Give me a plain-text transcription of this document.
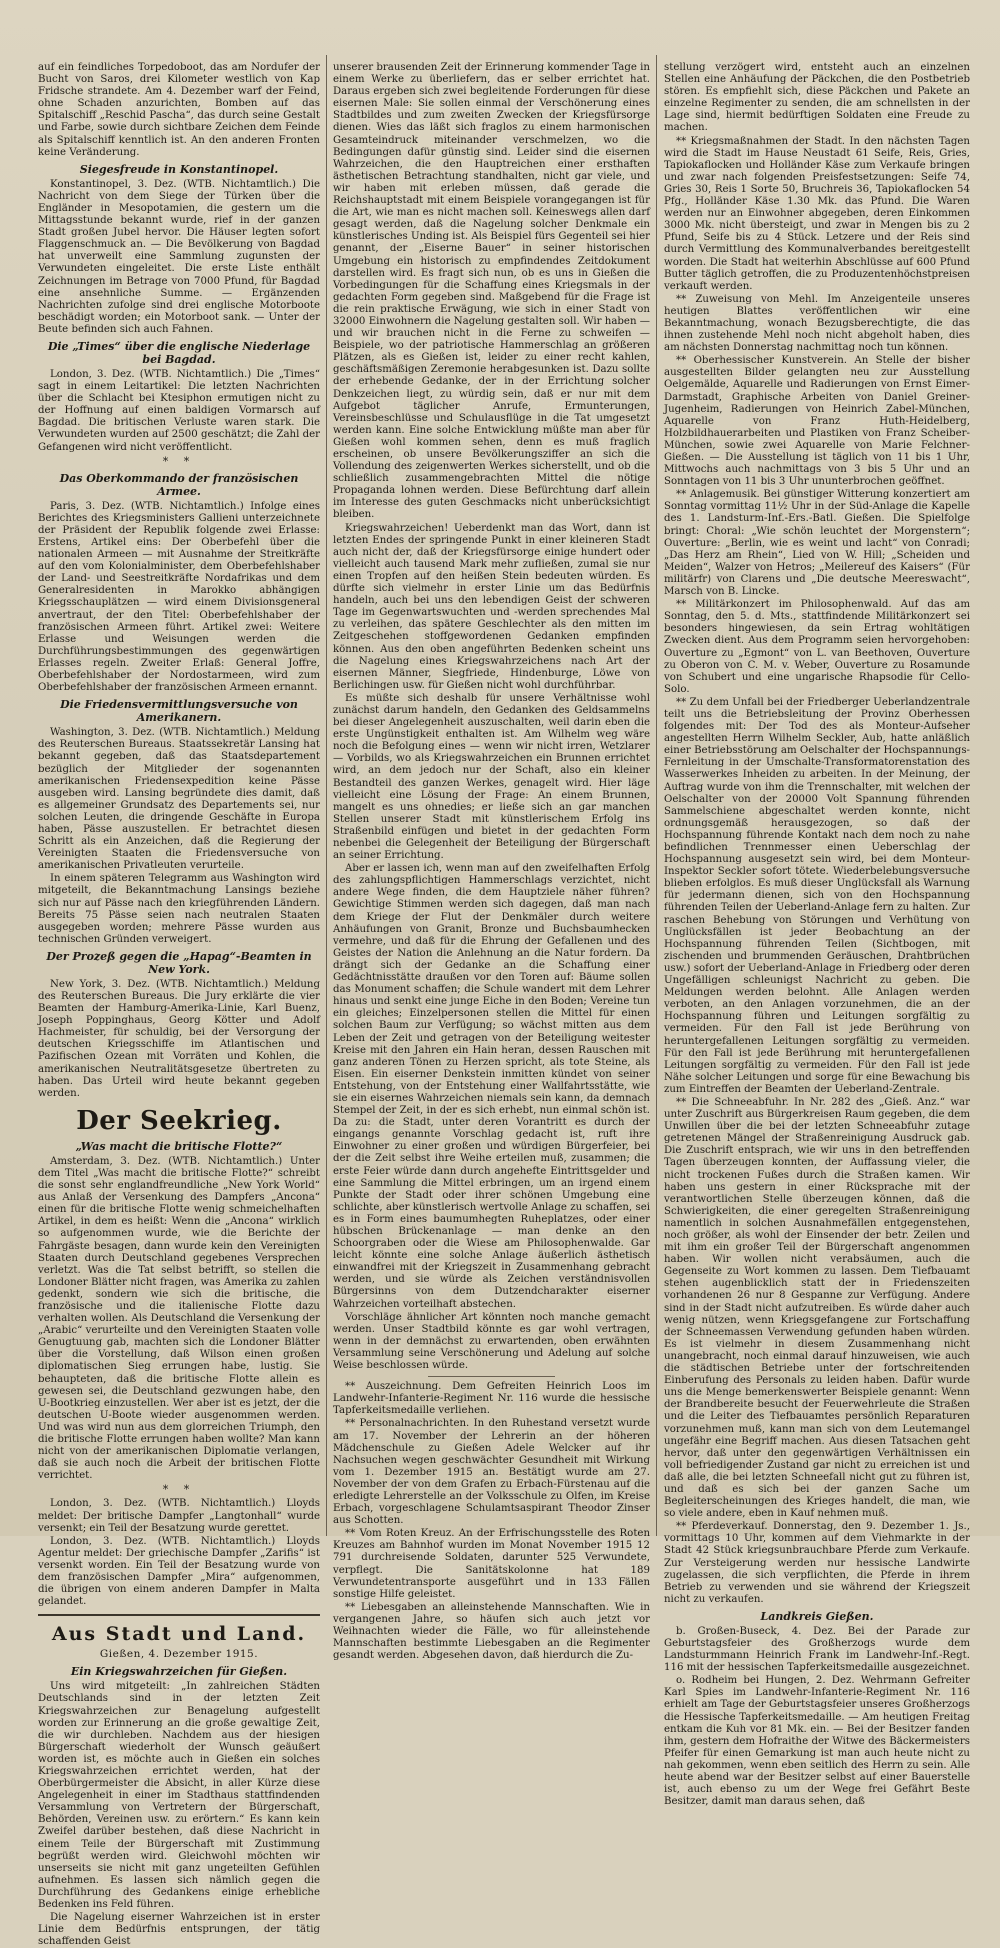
auf ein feindliches Torpedoboot, das am Nordufer der Bucht von Saros, drei Kilometer westlich von Kap Fridsche strandete. Am 4. Dezember warf der Feind, ohne Schaden anzurichten, Bomben auf das Spitalschiff „Reschid Pascha“, das durch seine Gestalt und Farbe, sowie durch sichtbare Zeichen dem Feinde als Spitalschiff kenntlich ist. An den anderen Fronten keine Veränderung.

Siegesfreude in Konstantinopel.

Konstantinopel, 3. Dez. (WTB. Nichtamtlich.) Die Nachricht von dem Siege der Türken über die Engländer in Mesopotamien, die gestern um die Mittagsstunde bekannt wurde, rief in der ganzen Stadt großen Jubel hervor. Die Häuser legten sofort Flaggenschmuck an. — Die Bevölkerung von Bagdad hat unverweilt eine Sammlung zugunsten der Verwundeten eingeleitet. Die erste Liste enthält Zeichnungen im Betrage von 7000 Pfund, für Bagdad eine ansehnliche Summe. — Ergänzenden Nachrichten zufolge sind drei englische Motorboote beschädigt worden; ein Motorboot sank. — Unter der Beute befinden sich auch Fahnen.

Die „Times“ über die englische Niederlage bei Bagdad.

London, 3. Dez. (WTB. Nichtamtlich.) Die „Times“ sagt in einem Leitartikel: Die letzten Nachrichten über die Schlacht bei Ktesiphon ermutigen nicht zu der Hoffnung auf einen baldigen Vormarsch auf Bagdad. Die britischen Verluste waren stark. Die Verwundeten wurden auf 2500 geschätzt; die Zahl der Gefangenen wird nicht veröffentlicht.

* *
Das Oberkommando der französischen Armee.

Paris, 3. Dez. (WTB. Nichtamtlich.) Infolge eines Berichtes des Kriegsministers Gallieni unterzeichnete der Präsident der Republik folgende zwei Erlasse: Erstens, Artikel eins: Der Oberbefehl über die nationalen Armeen — mit Ausnahme der Streitkräfte auf den vom Kolonialminister, dem Oberbefehlshaber der Land- und Seestreitkräfte Nordafrikas und dem Generalresidenten in Marokko abhängigen Kriegsschauplätzen — wird einem Divisionsgeneral anvertraut, der den Titel: Oberbefehlshaber der französischen Armeen führt. Artikel zwei: Weitere Erlasse und Weisungen werden die Durchführungsbestimmungen des gegenwärtigen Erlasses regeln. Zweiter Erlaß: General Joffre, Oberbefehlshaber der Nordostarmeen, wird zum Oberbefehlshaber der französischen Armeen ernannt.

Die Friedensvermittlungsversuche von Amerikanern.

Washington, 3. Dez. (WTB. Nichtamtlich.) Meldung des Reuterschen Bureaus. Staatssekretär Lansing hat bekannt gegeben, daß das Staatsdepartement bezüglich der Mitglieder der sogenannten amerikanischen Friedensexpedition keine Pässe ausgeben wird. Lansing begründete dies damit, daß es allgemeiner Grundsatz des Departements sei, nur solchen Leuten, die dringende Geschäfte in Europa haben, Pässe auszustellen. Er betrachtet diesen Schritt als ein Anzeichen, daß die Regierung der Vereinigten Staaten die Friedensversuche von amerikanischen Privatleuten verurteile.

In einem späteren Telegramm aus Washington wird mitgeteilt, die Bekanntmachung Lansings beziehe sich nur auf Pässe nach den kriegführenden Ländern. Bereits 75 Pässe seien nach neutralen Staaten ausgegeben worden; mehrere Pässe wurden aus technischen Gründen verweigert.

Der Prozeß gegen die „Hapag“-Beamten in New York.

New York, 3. Dez. (WTB. Nichtamtlich.) Meldung des Reuterschen Bureaus. Die Jury erklärte die vier Beamten der Hamburg-Amerika-Linie, Karl Buenz, Joseph Poppinghaus, Georg Kötter und Adolf Hachmeister, für schuldig, bei der Versorgung der deutschen Kriegsschiffe im Atlantischen und Pazifischen Ozean mit Vorräten und Kohlen, die amerikanischen Neutralitätsgesetze übertreten zu haben. Das Urteil wird heute bekannt gegeben werden.

Der Seekrieg.
„Was macht die britische Flotte?“

Amsterdam, 3. Dez. (WTB. Nichtamtlich.) Unter dem Titel „Was macht die britische Flotte?“ schreibt die sonst sehr englandfreundliche „New York World“ aus Anlaß der Versenkung des Dampfers „Ancona“ einen für die britische Flotte wenig schmeichelhaften Artikel, in dem es heißt: Wenn die „Ancona“ wirklich so aufgenommen wurde, wie die Berichte der Fahrgäste besagen, dann wurde kein den Vereinigten Staaten durch Deutschland gegebenes Versprechen verletzt. Was die Tat selbst betrifft, so stellen die Londoner Blätter nicht fragen, was Amerika zu zahlen gedenkt, sondern wie sich die britische, die französische und die italienische Flotte dazu verhalten wollen. Als Deutschland die Versenkung der „Arabic“ verurteilte und den Vereinigten Staaten volle Genugtuung gab, machten sich die Londoner Blätter über die Vorstellung, daß Wilson einen großen diplomatischen Sieg errungen habe, lustig. Sie behaupteten, daß die britische Flotte allein es gewesen sei, die Deutschland gezwungen habe, den U-Bootkrieg einzustellen. Wer aber ist es jetzt, der die deutschen U-Boote wieder ausgenommen werden. Und was wird nun aus dem glorreichen Triumph, den die britische Flotte errungen haben wollte? Man kann nicht von der amerikanischen Diplomatie verlangen, daß sie auch noch die Arbeit der britischen Flotte verrichtet.

* *

London, 3. Dez. (WTB. Nichtamtlich.) Lloyds meldet: Der britische Dampfer „Langtonhall“ wurde versenkt; ein Teil der Besatzung wurde gerettet.

London, 3. Dez. (WTB. Nichtamtlich.) Lloyds Agentur meldet: Der griechische Dampfer „Zarifis“ ist versenkt worden. Ein Teil der Besatzung wurde von dem französischen Dampfer „Mira“ aufgenommen, die übrigen von einem anderen Dampfer in Malta gelandet.

Aus Stadt und Land.
Gießen, 4. Dezember 1915.
Ein Kriegswahrzeichen für Gießen.

Uns wird mitgeteilt: „In zahlreichen Städten Deutschlands sind in der letzten Zeit Kriegswahrzeichen zur Benagelung aufgestellt worden zur Erinnerung an die große gewaltige Zeit, die wir durchleben. Nachdem aus der hiesigen Bürgerschaft wiederholt der Wunsch geäußert worden ist, es möchte auch in Gießen ein solches Kriegswahrzeichen errichtet werden, hat der Oberbürgermeister die Absicht, in aller Kürze diese Angelegenheit in einer im Stadthaus stattfindenden Versammlung von Vertretern der Bürgerschaft, Behörden, Vereinen usw. zu erörtern.“ Es kann kein Zweifel darüber bestehen, daß diese Nachricht in einem Teile der Bürgerschaft mit Zustimmung begrüßt werden wird. Gleichwohl möchten wir unserseits sie nicht mit ganz ungeteilten Gefühlen aufnehmen. Es lassen sich nämlich gegen die Durchführung des Gedankens einige erhebliche Bedenken ins Feld führen.

Die Nagelung eiserner Wahrzeichen ist in erster Linie dem Bedürfnis entsprungen, der tätig schaffenden Geist

unserer brausenden Zeit der Erinnerung kommender Tage in einem Werke zu überliefern, das er selber errichtet hat. Daraus ergeben sich zwei begleitende Forderungen für diese eisernen Male: Sie sollen einmal der Verschönerung eines Stadtbildes und zum zweiten Zwecken der Kriegsfürsorge dienen. Wies das läßt sich fraglos zu einem harmonischen Gesamteindruck miteinander verschmelzen, wo die Bedingungen dafür günstig sind. Leider sind die eisernen Wahrzeichen, die den Hauptreichen einer ersthaften ästhetischen Betrachtung standhalten, nicht gar viele, und wir haben mit erleben müssen, daß gerade die Reichshauptstadt mit einem Beispiele vorangegangen ist für die Art, wie man es nicht machen soll. Keineswegs allen darf gesagt werden, daß die Nagelung solcher Denkmale ein künstlerisches Unding ist. Als Beispiel fürs Gegenteil sei hier genannt, der „Eiserne Bauer“ in seiner historischen Umgebung ein historisch zu empfindendes Zeitdokument darstellen wird. Es fragt sich nun, ob es uns in Gießen die Vorbedingungen für die Schaffung eines Kriegsmals in der gedachten Form gegeben sind. Maßgebend für die Frage ist die rein praktische Erwägung, wie sich in einer Stadt von 32000 Einwohnern die Nagelung gestalten soll. Wir haben — und wir brauchen nicht in die Ferne zu schweifen — Beispiele, wo der patriotische Hammerschlag an größeren Plätzen, als es Gießen ist, leider zu einer recht kahlen, geschäftsmäßigen Zeremonie herabgesunken ist. Dazu sollte der erhebende Gedanke, der in der Errichtung solcher Denkzeichen liegt, zu würdig sein, daß er nur mit dem Aufgebot täglicher Anrufe, Ermunterungen, Vereinsbeschlüsse und Schulausflüge in die Tat umgesetzt werden kann. Eine solche Entwicklung müßte man aber für Gießen wohl kommen sehen, denn es muß fraglich erscheinen, ob unsere Bevölkerungsziffer an sich die Vollendung des zeigenwerten Werkes sicherstellt, und ob die schließlich zusammengebrachten Mittel die nötige Propaganda lohnen werden. Diese Befürchtung darf allein im Interesse des guten Geschmacks nicht unberücksichtigt bleiben.

Kriegswahrzeichen! Ueberdenkt man das Wort, dann ist letzten Endes der springende Punkt in einer kleineren Stadt auch nicht der, daß der Kriegsfürsorge einige hundert oder vielleicht auch tausend Mark mehr zufließen, zumal sie nur einen Tropfen auf den heißen Stein bedeuten würden. Es dürfte sich vielmehr in erster Linie um das Bedürfnis handeln, auch bei uns den lebendigen Geist der schweren Tage im Gegenwartswuchten und -werden sprechendes Mal zu verleihen, das spätere Geschlechter als den mitten im Zeitgeschehen stoffgewordenen Gedanken empfinden können. Aus den oben angeführten Bedenken scheint uns die Nagelung eines Kriegswahrzeichens nach Art der eisernen Männer, Siegfriede, Hindenburge, Löwe von Berlichingen usw. für Gießen nicht wohl durchführbar.

Es müßte sich deshalb für unsere Verhältnisse wohl zunächst darum handeln, den Gedanken des Geldsammelns bei dieser Angelegenheit auszuschalten, weil darin eben die erste Ungünstigkeit enthalten ist. Am Wilhelm weg wäre noch die Befolgung eines — wenn wir nicht irren, Wetzlarer — Vorbilds, wo als Kriegswahrzeichen ein Brunnen errichtet wird, an dem jedoch nur der Schaft, also ein kleiner Bestandteil des ganzen Werkes, genagelt wird. Hier läge vielleicht eine Lösung der Frage: An einem Brunnen, mangelt es uns ohnedies; er ließe sich an gar manchen Stellen unserer Stadt mit künstlerischem Erfolg ins Straßenbild einfügen und bietet in der gedachten Form nebenbei die Gelegenheit der Beteiligung der Bürgerschaft an seiner Errichtung.

Aber er lassen ich, wenn man auf den zweifelhaften Erfolg des zahlungspflichtigen Hammerschlags verzichtet, nicht andere Wege finden, die dem Hauptziele näher führen? Gewichtige Stimmen werden sich dagegen, daß man nach dem Kriege der Flut der Denkmäler durch weitere Anhäufungen von Granit, Bronze und Buchsbaumhecken vermehre, und daß für die Ehrung der Gefallenen und des Geistes der Nation die Anlehnung an die Natur fordern. Da drängt sich der Gedanke an die Schaffung einer Gedächtnisstätte draußen vor den Toren auf: Bäume sollen das Monument schaffen; die Schule wandert mit dem Lehrer hinaus und senkt eine junge Eiche in den Boden; Vereine tun ein gleiches; Einzelpersonen stellen die Mittel für einen solchen Baum zur Verfügung; so wächst mitten aus dem Leben der Zeit und getragen von der Beteiligung weitester Kreise mit den Jahren ein Hain heran, dessen Rauschen mit ganz anderen Tönen zu Herzen spricht, als tote Steine, als Eisen. Ein eiserner Denkstein inmitten kündet von seiner Entstehung, von der Entstehung einer Wallfahrtsstätte, wie sie ein eisernes Wahrzeichen niemals sein kann, da demnach Stempel der Zeit, in der es sich erhebt, nun einmal schön ist. Da zu: die Stadt, unter deren Vorantritt es durch der eingangs genannte Vorschlag gedacht ist, ruft ihre Einwohner zu einer großen und würdigen Bürgerfeier, bei der die Zeit selbst ihre Weihe erteilen muß, zusammen; die erste Feier würde dann durch angehefte Eintrittsgelder und eine Sammlung die Mittel erbringen, um an irgend einem Punkte der Stadt oder ihrer schönen Umgebung eine schlichte, aber künstlerisch wertvolle Anlage zu schaffen, sei es in Form eines baumumhegten Ruheplatzes, oder einer hübschen Brückenanlage — man denke an den Schoorgraben oder die Wiese am Philosophenwalde. Gar leicht könnte eine solche Anlage äußerlich ästhetisch einwandfrei mit der Kriegszeit in Zusammenhang gebracht werden, und sie würde als Zeichen verständnisvollen Bürgersinns von dem Dutzendcharakter eiserner Wahrzeichen vorteilhaft abstechen.

Vorschläge ähnlicher Art könnten noch manche gemacht werden. Unser Stadtbild könnte es gar wohl vertragen, wenn in der demnächst zu erwartenden, oben erwähnten Versammlung seine Verschönerung und Adelung auf solche Weise beschlossen würde.

** Auszeichnung. Dem Gefreiten Heinrich Loos im Landwehr-Infanterie-Regiment Nr. 116 wurde die hessische Tapferkeitsmedaille verliehen.

** Personalnachrichten. In den Ruhestand versetzt wurde am 17. November der Lehrerin an der höheren Mädchenschule zu Gießen Adele Welcker auf ihr Nachsuchen wegen geschwächter Gesundheit mit Wirkung vom 1. Dezember 1915 an. Bestätigt wurde am 27. November der von dem Grafen zu Erbach-Fürstenau auf die erledigte Lehrerstelle an der Volksschule zu Olfen, im Kreise Erbach, vorgeschlagene Schulamtsaspirant Theodor Zinser aus Schotten.

** Vom Roten Kreuz. An der Erfrischungsstelle des Roten Kreuzes am Bahnhof wurden im Monat November 1915 12 791 durchreisende Soldaten, darunter 525 Verwundete, verpflegt. Die Sanitätskolonne hat 189 Verwundetentransporte ausgeführt und in 133 Fällen sonstige Hilfe geleistet.

** Liebesgaben an alleinstehende Mannschaften. Wie in vergangenen Jahre, so häufen sich auch jetzt vor Weihnachten wieder die Fälle, wo für alleinstehende Mannschaften bestimmte Liebesgaben an die Regimenter gesandt werden. Abgesehen davon, daß hierdurch die Zu-

stellung verzögert wird, entsteht auch an einzelnen Stellen eine Anhäufung der Päckchen, die den Postbetrieb stören. Es empfiehlt sich, diese Päckchen und Pakete an einzelne Regimenter zu senden, die am schnellsten in der Lage sind, hiermit bedürftigen Soldaten eine Freude zu machen.

** Kriegsmaßnahmen der Stadt. In den nächsten Tagen wird die Stadt im Hause Neustadt 61 Seife, Reis, Gries, Tapiokaflocken und Holländer Käse zum Verkaufe bringen und zwar nach folgenden Preisfestsetzungen: Seife 74, Gries 30, Reis 1 Sorte 50, Bruchreis 36, Tapiokaflocken 54 Pfg., Holländer Käse 1.30 Mk. das Pfund. Die Waren werden nur an Einwohner abgegeben, deren Einkommen 3000 Mk. nicht übersteigt, und zwar in Mengen bis zu 2 Pfund, Seife bis zu 4 Stück. Letzere und der Reis sind durch Vermittlung des Kommunalverbandes bereitgestellt worden. Die Stadt hat weiterhin Abschlüsse auf 600 Pfund Butter täglich getroffen, die zu Produzentenhöchstpreisen verkauft werden.

** Zuweisung von Mehl. Im Anzeigenteile unseres heutigen Blattes veröffentlichen wir eine Bekanntmachung, wonach Bezugsberechtigte, die das ihnen zustehende Mehl noch nicht abgeholt haben, dies am nächsten Donnerstag nachmittag noch tun können.

** Oberhessischer Kunstverein. An Stelle der bisher ausgestellten Bilder gelangten neu zur Ausstellung Oelgemälde, Aquarelle und Radierungen von Ernst Eimer-Darmstadt, Graphische Arbeiten von Daniel Greiner-Jugenheim, Radierungen von Heinrich Zabel-München, Aquarelle von Franz Huth-Heidelberg, Holzbildhauerarbeiten und Plastiken von Franz Scheiber-München, sowie zwei Aquarelle von Marie Felchner-Gießen. — Die Ausstellung ist täglich von 11 bis 1 Uhr, Mittwochs auch nachmittags von 3 bis 5 Uhr und an Sonntagen von 11 bis 3 Uhr ununterbrochen geöffnet.

** Anlagemusik. Bei günstiger Witterung konzertiert am Sonntag vormittag 11½ Uhr in der Süd-Anlage die Kapelle des 1. Landsturm-Inf.-Ers.-Batl. Gießen. Die Spielfolge bringt: Choral: „Wie schön leuchtet der Morgenstern“; Ouverture: „Berlin, wie es weint und lacht“ von Conradi; „Das Herz am Rhein“, Lied von W. Hill; „Scheiden und Meiden“, Walzer von Hetros; „Meilereuf des Kaisers“ (Für militärfr) von Clarens und „Die deutsche Meereswacht“, Marsch von B. Lincke.

** Militärkonzert im Philosophenwald. Auf das am Sonntag, den 5. d. Mts., stattfindende Militärkonzert sei besonders hingewiesen, da sein Ertrag wohltätigen Zwecken dient. Aus dem Programm seien hervorgehoben: Ouverture zu „Egmont“ von L. van Beethoven, Ouverture zu Oberon von C. M. v. Weber, Ouverture zu Rosamunde von Schubert und eine ungarische Rhapsodie für Cello-Solo.

** Zu dem Unfall bei der Friedberger Ueberlandzentrale teilt uns die Betriebsleitung der Provinz Oberhessen folgendes mit: Der Tod des als Monteur-Aufseher angestellten Herrn Wilhelm Seckler, Aub, hatte anläßlich einer Betriebsstörung am Oelschalter der Hochspannungs-Fernleitung in der Umschalte-Transformatorenstation des Wasserwerkes Inheiden zu arbeiten. In der Meinung, der Auftrag wurde von ihm die Trennschalter, mit welchen der Oelschalter von der 20000 Volt Spannung führenden Sammelschiene abgeschaltet werden konnte, nicht ordnungsgemäß herausgezogen, so daß der Hochspannung führende Kontakt nach dem noch zu nahe befindlichen Trennmesser einen Ueberschlag der Hochspannung ausgesetzt sein wird, bei dem Monteur-Inspektor Seckler sofort tötete. Wiederbelebungsversuche blieben erfolglos. Es muß dieser Unglücksfall als Warnung für jedermann dienen, sich von den Hochspannung führenden Teilen der Ueberland-Anlage fern zu halten. Zur raschen Behebung von Störungen und Verhütung von Unglücksfällen ist jeder Beobachtung an der Hochspannung führenden Teilen (Sichtbogen, mit zischenden und brummenden Geräuschen, Drahtbrüchen usw.) sofort der Ueberland-Anlage in Friedberg oder deren Ungefälligen schleunigst Nachricht zu geben. Die Meldungen werden belohnt. Alle Anlagen werden verboten, an den Anlagen vorzunehmen, die an der Hochspannung führen und Leitungen sorgfältig zu vermeiden. Für den Fall ist jede Berührung von heruntergefallenen Leitungen sorgfältig zu vermeiden. Für den Fall ist jede Berührung mit heruntergefallenen Leitungen sorgfältig zu vermeiden. Für den Fall ist jede Nähe solcher Leitungen und sorge für eine Bewachung bis zum Eintreffen der Beamten der Ueberland-Zentrale.

** Die Schneeabfuhr. In Nr. 282 des „Gieß. Anz.“ war unter Zuschrift aus Bürgerkreisen Raum gegeben, die dem Unwillen über die bei der letzten Schneeabfuhr zutage getretenen Mängel der Straßenreinigung Ausdruck gab. Die Zuschrift entsprach, wie wir uns in den betreffenden Tagen überzeugen konnten, der Auffassung vieler, die nicht trockenen Fußes durch die Straßen kamen. Wir haben uns gestern in einer Rücksprache mit der verantwortlichen Stelle überzeugen können, daß die Schwierigkeiten, die einer geregelten Straßenreinigung namentlich in solchen Ausnahmefällen entgegenstehen, noch größer, als wohl der Einsender der betr. Zeilen und mit ihm ein großer Teil der Bürgerschaft angenommen haben. Wir wollen nicht verabsäumen, auch die Gegenseite zu Wort kommen zu lassen. Dem Tiefbauamt stehen augenblicklich statt der in Friedenszeiten vorhandenen 26 nur 8 Gespanne zur Verfügung. Andere sind in der Stadt nicht aufzutreiben. Es würde daher auch wenig nützen, wenn Kriegsgefangene zur Fortschaffung der Schneemassen Verwendung gefunden haben würden. Es ist vielmehr in diesem Zusammenhang nicht unangebracht, noch einmal darauf hinzuweisen, wie auch die städtischen Betriebe unter der fortschreitenden Einberufung des Personals zu leiden haben. Dafür wurde uns die Menge bemerkenswerter Beispiele genannt: Wenn der Brandbereite besucht der Feuerwehrleute die Straßen und die Leiter des Tiefbauamtes persönlich Reparaturen vorzunehmen muß, kann man sich von dem Leutemangel ungefähr eine Begriff machen. Aus diesen Tatsachen geht hervor, daß unter den gegenwärtigen Verhältnissen ein voll befriedigender Zustand gar nicht zu erreichen ist und daß alle, die bei letzten Schneefall nicht gut zu führen ist, und daß es sich bei der ganzen Sache um Begleiterscheinungen des Krieges handelt, die man, wie so viele andere, eben in Kauf nehmen muß.

** Pferdeverkauf. Donnerstag, den 9. Dezember 1. Js., vormittags 10 Uhr, kommen auf dem Viehmarkte in der Stadt 42 Stück kriegsunbrauchbare Pferde zum Verkaufe. Zur Versteigerung werden nur hessische Landwirte zugelassen, die sich verpflichten, die Pferde in ihrem Betrieb zu verwenden und sie während der Kriegszeit nicht zu verkaufen.

Landkreis Gießen.

b. Großen-Buseck, 4. Dez. Bei der Parade zur Geburtstagsfeier des Großherzogs wurde dem Landsturmmann Heinrich Frank im Landwehr-Inf.-Regt. 116 mit der hessischen Tapferkeitsmedaille ausgezeichnet.

o. Rodheim bei Hungen, 2. Dez. Wehrmann Gefreiter Karl Spies im Landwehr-Infanterie-Regiment Nr. 116 erhielt am Tage der Geburtstagsfeier unseres Großherzogs die Hessische Tapferkeitsmedaille. — Am heutigen Freitag entkam die Kuh vor 81 Mk. ein. — Bei der Besitzer fanden ihm, gestern dem Hofraithe der Witwe des Bäckermeisters Pfeifer für einen Gemarkung ist man auch heute nicht zu nah gekommen, wenn eben seitlich des Herrn zu sein. Alle heute abend war der Besitzer selbst auf einer Bauerstelle ist, auch ebenso zu um der Wege frei Gefährt Beste Besitzer, damit man daraus sehen, daß
